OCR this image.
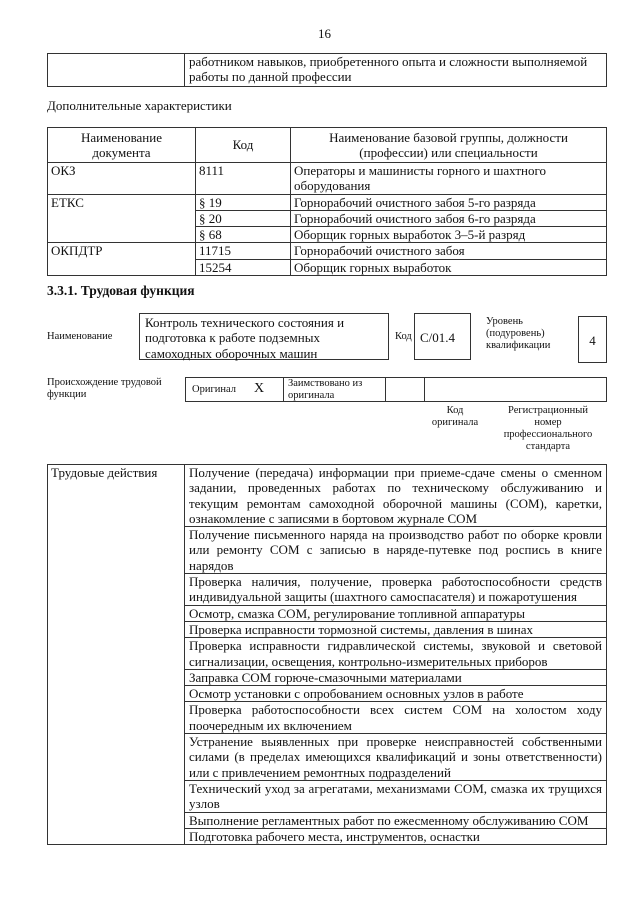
16
	работником навыков, приобретенного опыта и сложности выполняемой работы по данной профессии
Дополнительные характеристики
Наименование документа	Код	Наименование базовой группы, должности (профессии) или специальности
ОКЗ	8111	Операторы и машинисты горного и шахтного оборудования
ЕТКС	§ 19	Горнорабочий очистного забоя 5-го разряда
	§ 20	Горнорабочий очистного забоя 6-го разряда
	§ 68	Оборщик горных выработок 3–5-й разряд
ОКПДТР	11715	Горнорабочий очистного забоя
	15254	Оборщик горных выработок
3.3.1. Трудовая функция
Наименование
Контроль технического состояния и подготовка к работе подземных самоходных оборочных машин
Код С/01.4
Уровень (подуровень) квалификации	4
Происхождение трудовой функции	Оригинал X	Заимствовано из оригинала
Код оригинала
Регистрационный номер профессионального стандарта
Трудовые действия	Получение (передача) информации при приеме-сдаче смены о сменном задании, проведенных работах по техническому обслуживанию и текущим ремонтам самоходной оборочной машины (СОМ), каретки, ознакомление с записями в бортовом журнале СОМ
Получение письменного наряда на производство работ по оборке кровли или ремонту СОМ с записью в наряде-путевке под роспись в книге нарядов
Проверка наличия, получение, проверка работоспособности средств индивидуальной защиты (шахтного самоспасателя) и пожаротушения
Осмотр, смазка СОМ, регулирование топливной аппаратуры
Проверка исправности тормозной системы, давления в шинах
Проверка исправности гидравлической системы, звуковой и световой сигнализации, освещения, контрольно-измерительных приборов
Заправка СОМ горюче-смазочными материалами
Осмотр установки с опробованием основных узлов в работе
Проверка работоспособности всех систем СОМ на холостом ходу поочередным их включением
Устранение выявленных при проверке неисправностей собственными силами (в пределах имеющихся квалификаций и зоны ответственности) или с привлечением ремонтных подразделений
Технический уход за агрегатами, механизмами СОМ, смазка их трущихся узлов
Выполнение регламентных работ по ежесменному обслуживанию СОМ
Подготовка рабочего места, инструментов, оснастки
